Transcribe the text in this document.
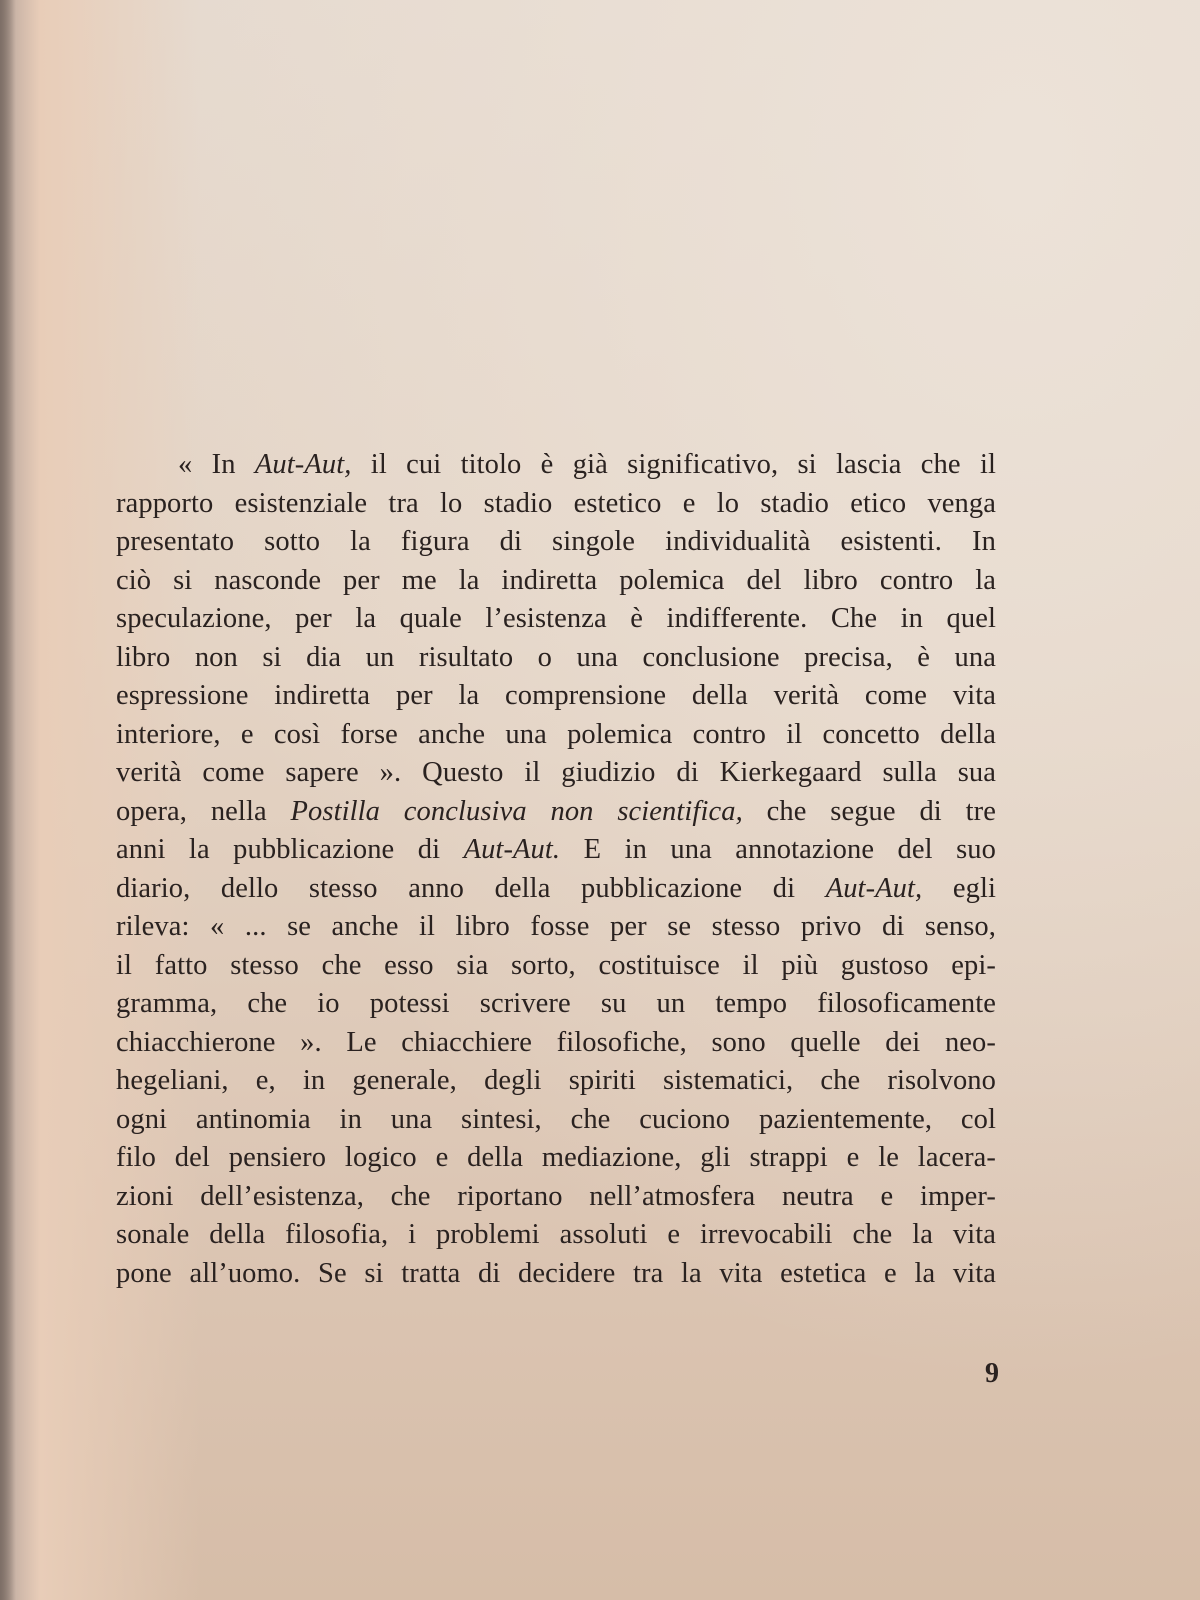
« In Aut-Aut, il cui titolo è già significativo, si lascia che il
rapporto esistenziale tra lo stadio estetico e lo stadio etico venga
presentato sotto la figura di singole individualità esistenti. In
ciò si nasconde per me la indiretta polemica del libro contro la
speculazione, per la quale l’esistenza è indifferente. Che in quel
libro non si dia un risultato o una conclusione precisa, è una
espressione indiretta per la comprensione della verità come vita
interiore, e così forse anche una polemica contro il concetto della
verità come sapere ». Questo il giudizio di Kierkegaard sulla sua
opera, nella Postilla conclusiva non scientifica, che segue di tre
anni la pubblicazione di Aut-Aut. E in una annotazione del suo
diario, dello stesso anno della pubblicazione di Aut-Aut, egli
rileva: « ... se anche il libro fosse per se stesso privo di senso,
il fatto stesso che esso sia sorto, costituisce il più gustoso epi-
gramma, che io potessi scrivere su un tempo filosoficamente
chiacchierone ». Le chiacchiere filosofiche, sono quelle dei neo-
hegeliani, e, in generale, degli spiriti sistematici, che risolvono
ogni antinomia in una sintesi, che cuciono pazientemente, col
filo del pensiero logico e della mediazione, gli strappi e le lacera-
zioni dell’esistenza, che riportano nell’atmosfera neutra e imper-
sonale della filosofia, i problemi assoluti e irrevocabili che la vita
pone all’uomo. Se si tratta di decidere tra la vita estetica e la vita
9
